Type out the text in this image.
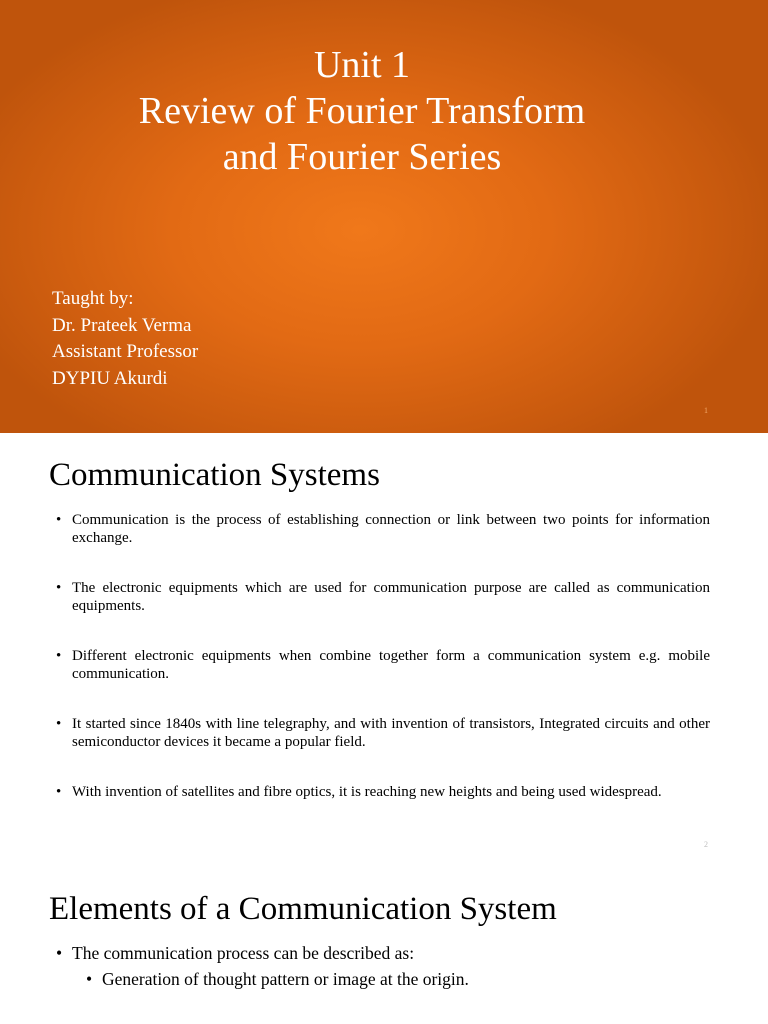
Unit 1
Review of Fourier Transform
and Fourier Series
Taught by:
Dr. Prateek Verma
Assistant Professor
DYPIU Akurdi
1
Communication Systems
• Communication is the process of establishing connection or link between two points for information exchange.
• The electronic equipments which are used for communication purpose are called as communication equipments.
• Different electronic equipments when combine together form a communication system e.g. mobile communication.
• It started since 1840s with line telegraphy, and with invention of transistors, Integrated circuits and other semiconductor devices it became a popular field.
• With invention of satellites and fibre optics, it is reaching new heights and being used widespread.
2
Elements of a Communication System
• The communication process can be described as:
• Generation of thought pattern or image at the origin.
